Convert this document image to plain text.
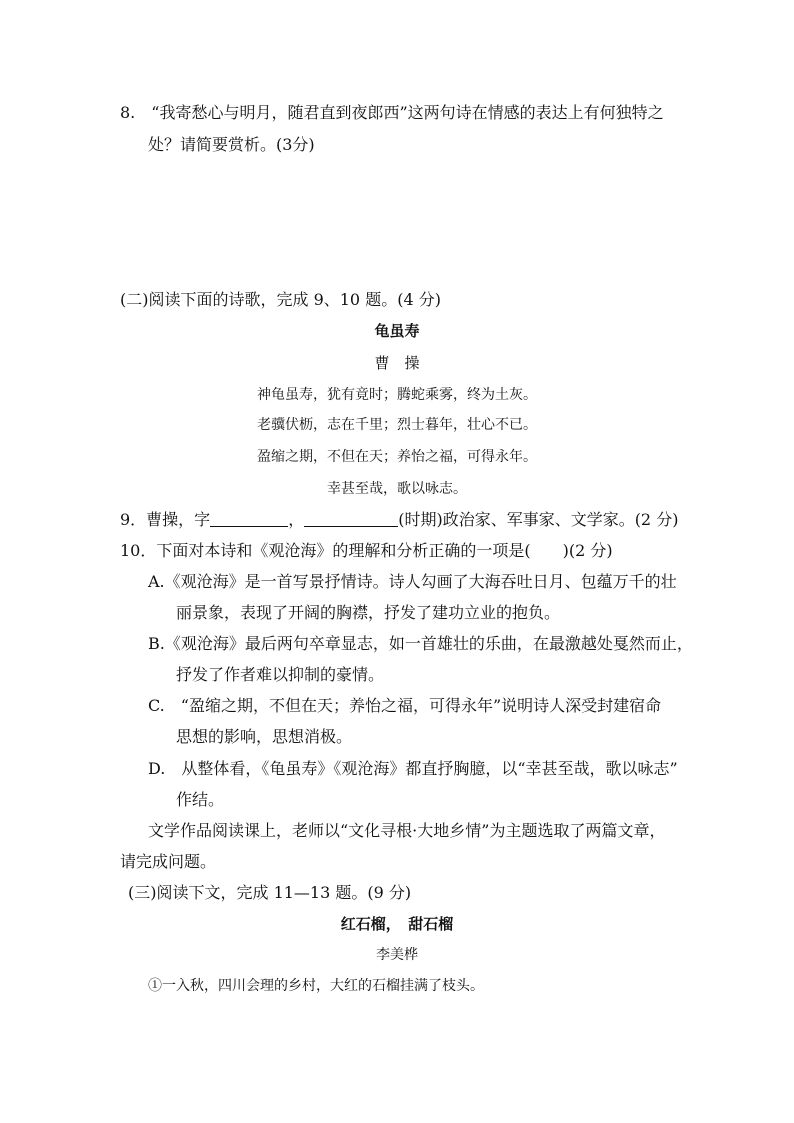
8.　“我寄愁心与明月，随君直到夜郎西”这两句诗在情感的表达上有何独特之
处？请简要赏析。(3分)
(二)阅读下面的诗歌，完成 9、10 题。(4 分)
龟虽寿
曹　操
神龟虽寿，犹有竟时；腾蛇乘雾，终为土灰。
老骥伏枥，志在千里；烈士暮年，壮心不已。
盈缩之期，不但在天；养怡之福，可得永年。
幸甚至哉，歌以咏志。
9．曹操，字	，	(时期)政治家、军事家、文学家。(2 分)
10．下面对本诗和《观沧海》的理解和分析正确的一项是(　　)(2 分)
A.《观沧海》是一首写景抒情诗。诗人勾画了大海吞吐日月、包蕴万千的壮
丽景象，表现了开阔的胸襟，抒发了建功立业的抱负。
B.《观沧海》最后两句卒章显志，如一首雄壮的乐曲，在最激越处戛然而止，
抒发了作者难以抑制的豪情。
C.　“盈缩之期，不但在天；养怡之福，可得永年”说明诗人深受封建宿命
思想的影响，思想消极。
D.　从整体看，《龟虽寿》《观沧海》都直抒胸臆，以“幸甚至哉，歌以咏志”
作结。
文学作品阅读课上，老师以“文化寻根·大地乡情”为主题选取了两篇文章，
请完成问题。
(三)阅读下文，完成 11—13 题。(9 分)
红石榴，　甜石榴
李美桦
①一入秋，四川会理的乡村，大红的石榴挂满了枝头。
